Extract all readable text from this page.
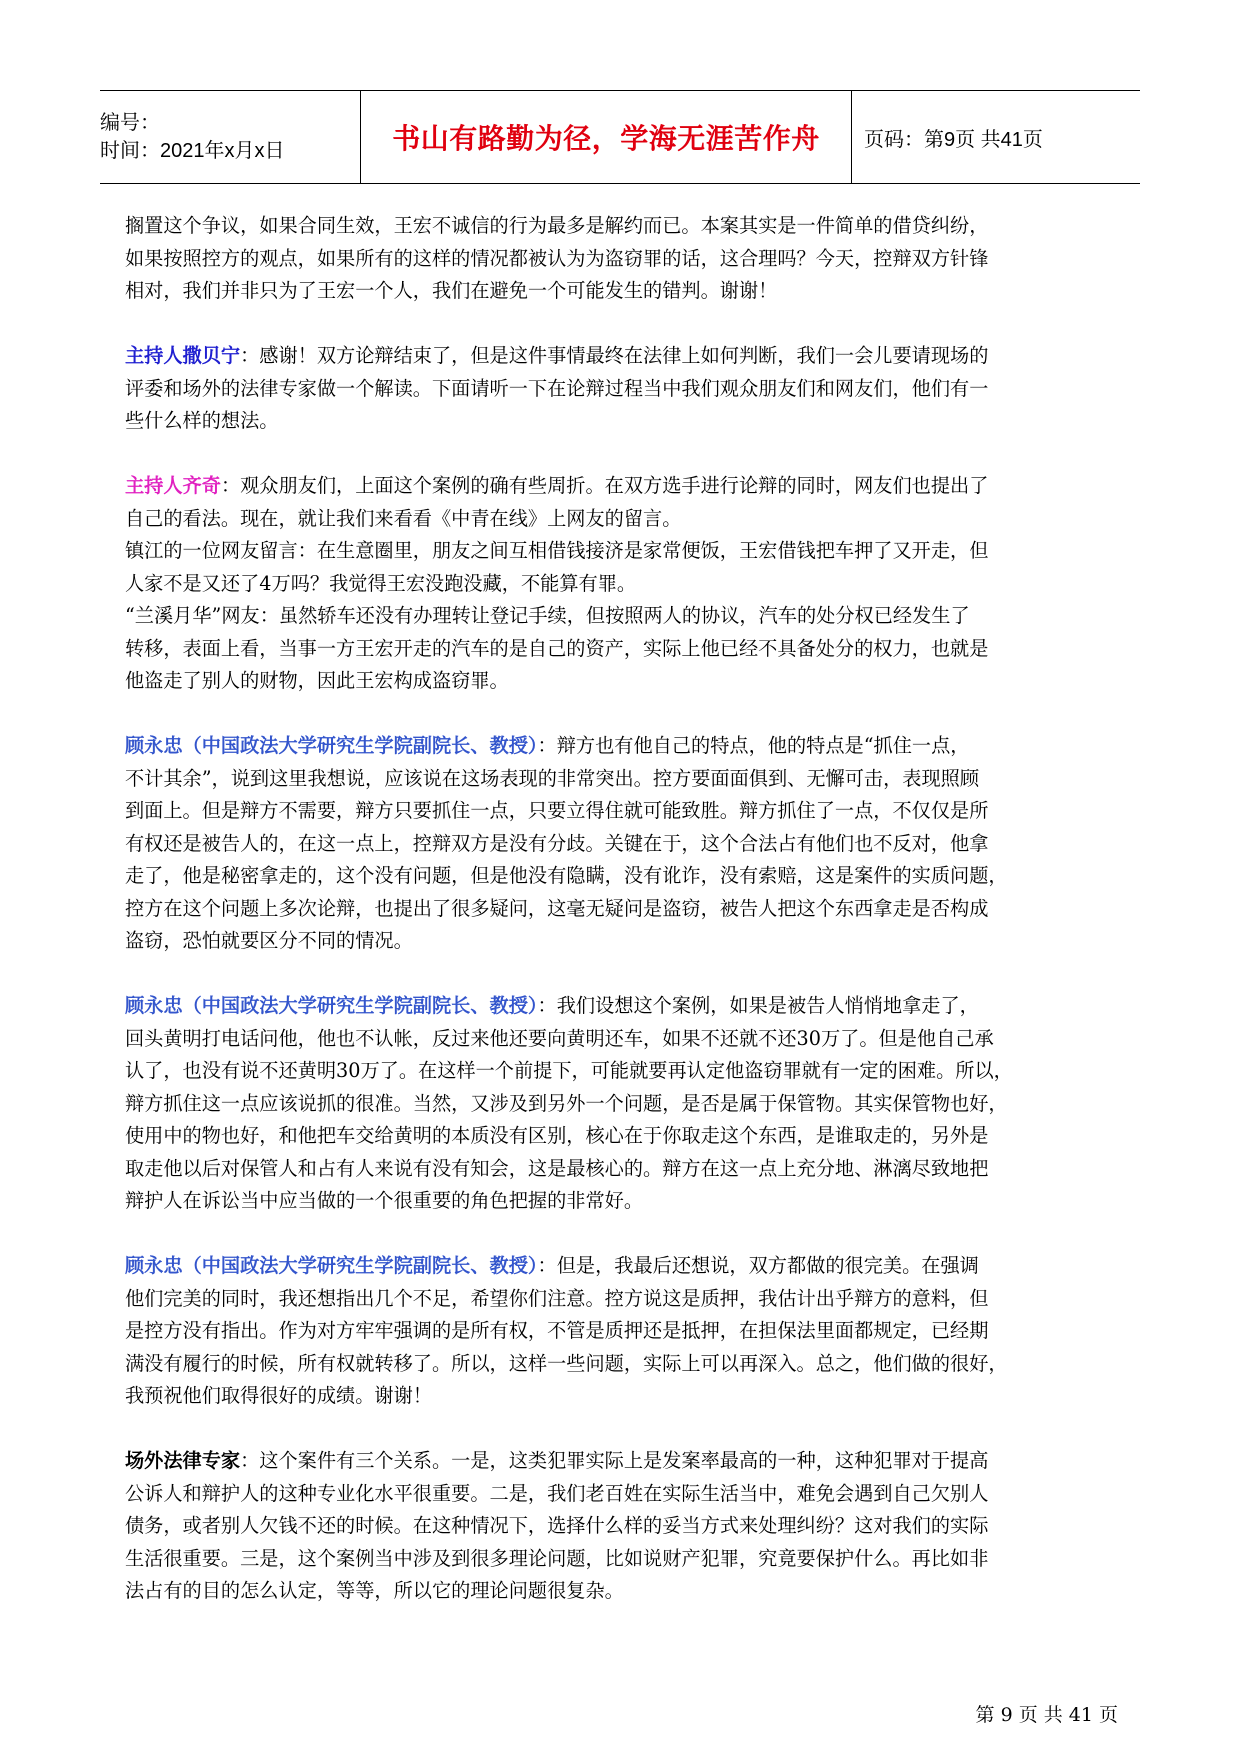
编号：
时间：2021年x月x日	书山有路勤为径，学海无涯苦作舟 页码：第9页 共41页

搁置这个争议，如果合同生效，王宏不诚信的行为最多是解约而已。本案其实是一件简单的借贷纠纷，
如果按照控方的观点，如果所有的这样的情况都被认为为盗窃罪的话，这合理吗？今天，控辩双方针锋
相对，我们并非只为了王宏一个人，我们在避免一个可能发生的错判。谢谢！

主持人撒贝宁：感谢！双方论辩结束了，但是这件事情最终在法律上如何判断，我们一会儿要请现场的
评委和场外的法律专家做一个解读。下面请听一下在论辩过程当中我们观众朋友们和网友们，他们有一
些什么样的想法。

主持人齐奇：观众朋友们，上面这个案例的确有些周折。在双方选手进行论辩的同时，网友们也提出了
自己的看法。现在，就让我们来看看《中青在线》上网友的留言。
镇江的一位网友留言：在生意圈里，朋友之间互相借钱接济是家常便饭，王宏借钱把车押了又开走，但
人家不是又还了4万吗？我觉得王宏没跑没藏，不能算有罪。
“兰溪月华”网友：虽然轿车还没有办理转让登记手续，但按照两人的协议，汽车的处分权已经发生了
转移，表面上看，当事一方王宏开走的汽车的是自己的资产，实际上他已经不具备处分的权力，也就是
他盗走了别人的财物，因此王宏构成盗窃罪。

顾永忠（中国政法大学研究生学院副院长、教授）：辩方也有他自己的特点，他的特点是“抓住一点，
不计其余”，说到这里我想说，应该说在这场表现的非常突出。控方要面面俱到、无懈可击，表现照顾
到面上。但是辩方不需要，辩方只要抓住一点，只要立得住就可能致胜。辩方抓住了一点，不仅仅是所
有权还是被告人的，在这一点上，控辩双方是没有分歧。关键在于，这个合法占有他们也不反对，他拿
走了，他是秘密拿走的，这个没有问题，但是他没有隐瞒，没有讹诈，没有索赔，这是案件的实质问题，
控方在这个问题上多次论辩，也提出了很多疑问，这毫无疑问是盗窃，被告人把这个东西拿走是否构成
盗窃，恐怕就要区分不同的情况。

顾永忠（中国政法大学研究生学院副院长、教授）：我们设想这个案例，如果是被告人悄悄地拿走了，
回头黄明打电话问他，他也不认帐，反过来他还要向黄明还车，如果不还就不还30万了。但是他自己承
认了，也没有说不还黄明30万了。在这样一个前提下，可能就要再认定他盗窃罪就有一定的困难。所以，
辩方抓住这一点应该说抓的很准。当然，又涉及到另外一个问题，是否是属于保管物。其实保管物也好，
使用中的物也好，和他把车交给黄明的本质没有区别，核心在于你取走这个东西，是谁取走的，另外是
取走他以后对保管人和占有人来说有没有知会，这是最核心的。辩方在这一点上充分地、淋漓尽致地把
辩护人在诉讼当中应当做的一个很重要的角色把握的非常好。

顾永忠（中国政法大学研究生学院副院长、教授）：但是，我最后还想说，双方都做的很完美。在强调
他们完美的同时，我还想指出几个不足，希望你们注意。控方说这是质押，我估计出乎辩方的意料，但
是控方没有指出。作为对方牢牢强调的是所有权，不管是质押还是抵押，在担保法里面都规定，已经期
满没有履行的时候，所有权就转移了。所以，这样一些问题，实际上可以再深入。总之，他们做的很好，
我预祝他们取得很好的成绩。谢谢！

场外法律专家：这个案件有三个关系。一是，这类犯罪实际上是发案率最高的一种，这种犯罪对于提高
公诉人和辩护人的这种专业化水平很重要。二是，我们老百姓在实际生活当中，难免会遇到自己欠别人
债务，或者别人欠钱不还的时候。在这种情况下，选择什么样的妥当方式来处理纠纷？这对我们的实际
生活很重要。三是，这个案例当中涉及到很多理论问题，比如说财产犯罪，究竟要保护什么。再比如非
法占有的目的怎么认定，等等，所以它的理论问题很复杂。

第 9 页 共 41 页
